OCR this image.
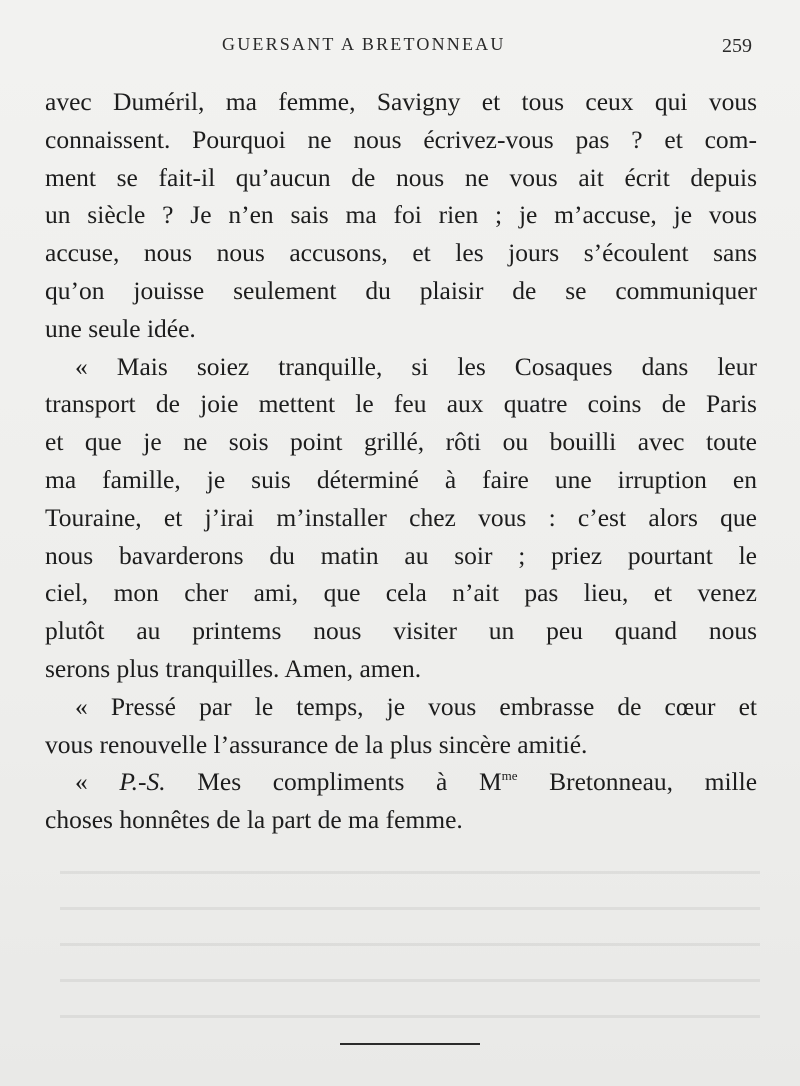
GUERSANT A BRETONNEAU	259
avec Duméril, ma femme, Savigny et tous ceux qui vous
connaissent. Pourquoi ne nous écrivez-vous pas ? et com-
ment se fait-il qu’aucun de nous ne vous ait écrit depuis
un siècle ? Je n’en sais ma foi rien ; je m’accuse, je vous
accuse, nous nous accusons, et les jours s’écoulent sans
qu’on jouisse seulement du plaisir de se communiquer
une seule idée.
« Mais soiez tranquille, si les Cosaques dans leur
transport de joie mettent le feu aux quatre coins de Paris
et que je ne sois point grillé, rôti ou bouilli avec toute
ma famille, je suis déterminé à faire une irruption en
Touraine, et j’irai m’installer chez vous : c’est alors que
nous bavarderons du matin au soir ; priez pourtant le
ciel, mon cher ami, que cela n’ait pas lieu, et venez
plutôt au printems nous visiter un peu quand nous
serons plus tranquilles. Amen, amen.
« Pressé par le temps, je vous embrasse de cœur et
vous renouvelle l’assurance de la plus sincère amitié.
« P.-S. Mes compliments à $M^{me}$ Bretonneau, mille
choses honnêtes de la part de ma femme.
